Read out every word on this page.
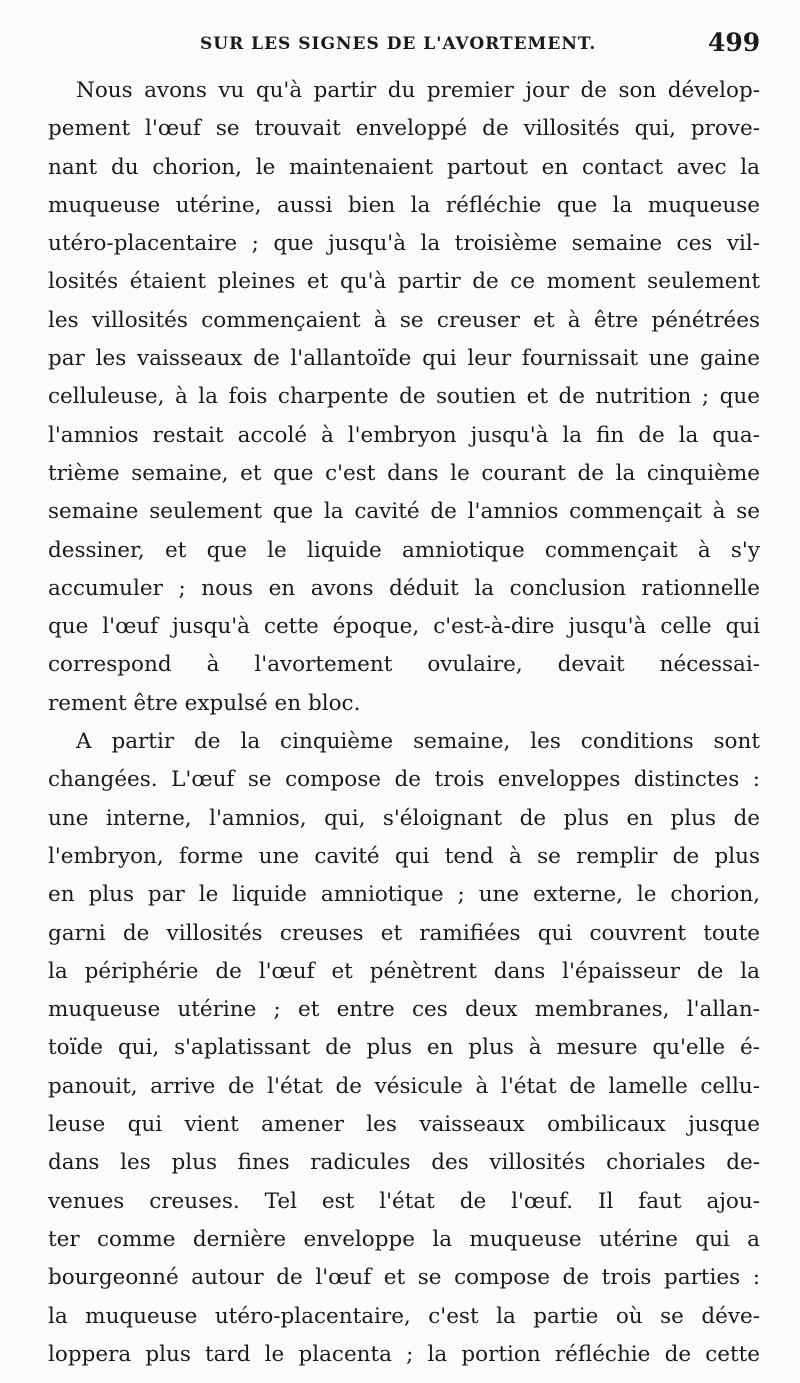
SUR LES SIGNES DE L'AVORTEMENT.	499

Nous avons vu qu'à partir du premier jour de son dévelop-
pement l'œuf se trouvait enveloppé de villosités qui, prove-
nant du chorion, le maintenaient partout en contact avec la
muqueuse utérine, aussi bien la réfléchie que la muqueuse
utéro-placentaire ; que jusqu'à la troisième semaine ces vil-
losités étaient pleines et qu'à partir de ce moment seulement
les villosités commençaient à se creuser et à être pénétrées
par les vaisseaux de l'allantoïde qui leur fournissait une gaine
celluleuse, à la fois charpente de soutien et de nutrition ; que
l'amnios restait accolé à l'embryon jusqu'à la fin de la qua-
trième semaine, et que c'est dans le courant de la cinquième
semaine seulement que la cavité de l'amnios commençait à se
dessiner, et que le liquide amniotique commençait à s'y
accumuler ; nous en avons déduit la conclusion rationnelle
que l'œuf jusqu'à cette époque, c'est-à-dire jusqu'à celle qui
correspond à l'avortement ovulaire, devait nécessai-
rement être expulsé en bloc.

A partir de la cinquième semaine, les conditions sont
changées. L'œuf se compose de trois enveloppes distinctes :
une interne, l'amnios, qui, s'éloignant de plus en plus de
l'embryon, forme une cavité qui tend à se remplir de plus
en plus par le liquide amniotique ; une externe, le chorion,
garni de villosités creuses et ramifiées qui couvrent toute
la périphérie de l'œuf et pénètrent dans l'épaisseur de la
muqueuse utérine ; et entre ces deux membranes, l'allan-
toïde qui, s'aplatissant de plus en plus à mesure qu'elle é-
panouit, arrive de l'état de vésicule à l'état de lamelle cellu-
leuse qui vient amener les vaisseaux ombilicaux jusque
dans les plus fines radicules des villosités choriales de-
venues creuses. Tel est l'état de l'œuf. Il faut ajou-
ter comme dernière enveloppe la muqueuse utérine qui a
bourgeonné autour de l'œuf et se compose de trois parties :
la muqueuse utéro-placentaire, c'est la partie où se déve-
loppera plus tard le placenta ; la portion réfléchie de cette
